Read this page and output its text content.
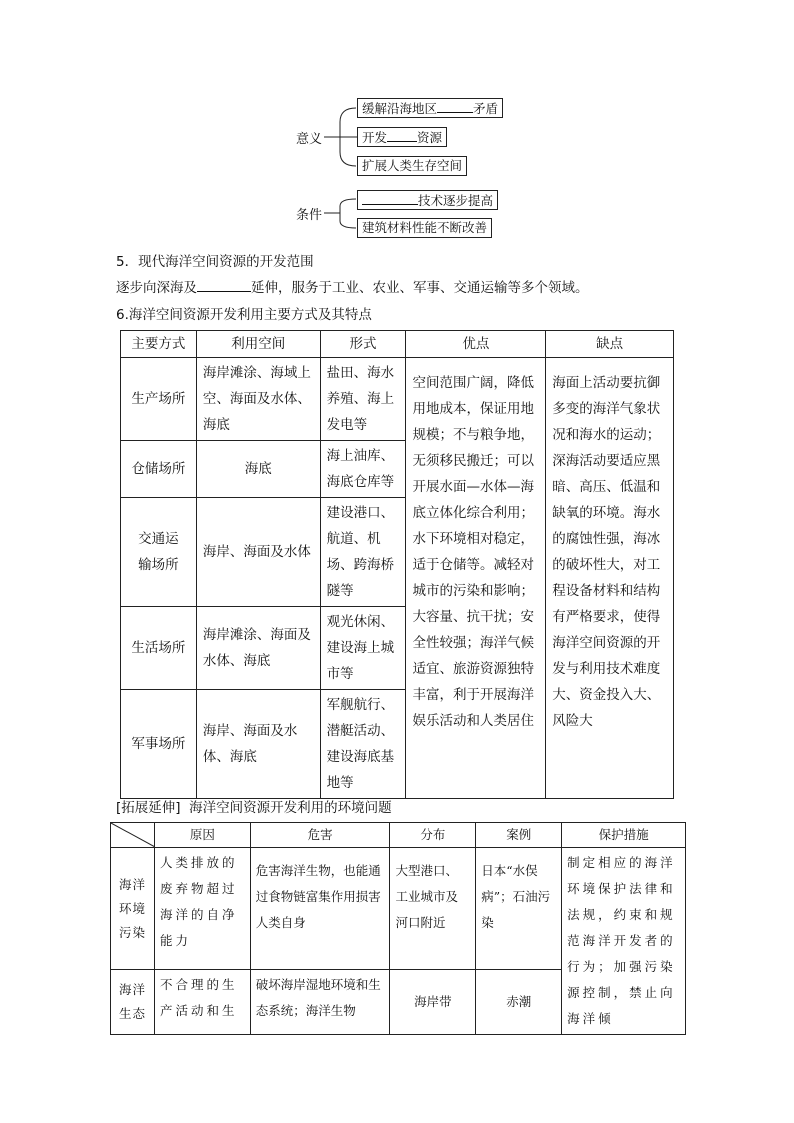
意义
缓解沿海地区	矛盾
开发 资源
扩展人类生存空间
条件
技术逐步提高
建筑材料性能不断改善
5．现代海洋空间资源的开发范围
逐步向深海及	延伸，服务于工业、农业、军事、交通运输等多个领域。
6.海洋空间资源开发利用主要方式及其特点
主要方式	利用空间	形式	优点	缺点
生产场所	海岸滩涂、海域上空、海面及水体、海底	盐田、海水养殖、海上发电等	空间范围广阔，降低用地成本，保证用地规模；不与粮争地，无须移民搬迁；可以开展水面—水体—海底立体化综合利用；水下环境相对稳定，适于仓储等。减轻对城市的污染和影响；大容量、抗干扰；安全性较强；海洋气候适宜、旅游资源独特丰富，利于开展海洋娱乐活动和人类居住	海面上活动要抗御多变的海洋气象状况和海水的运动；深海活动要适应黑暗、高压、低温和缺氧的环境。海水的腐蚀性强，海冰的破坏性大，对工程设备材料和结构有严格要求，使得海洋空间资源的开发与利用技术难度大、资金投入大、风险大
仓储场所	海底	海上油库、海底仓库等		

交通运
输场所	海岸、海面及水体	建设港口、航道、机场、跨海桥隧等		
生活场所	海岸滩涂、海面及水体、海底	观光休闲、建设海上城市等		
军事场所	海岸、海面及水体、海底	军舰航行、潜艇活动、建设海底基地等		
[拓展延伸] 海洋空间资源开发利用的环境问题
	原因	危害	分布	案例	保护措施

海洋
环境
污染	人类排放的废弃物超过海洋的自净能力	危害海洋生物，也能通过食物链富集作用损害人类自身	大型港口、工业城市及河口附近	日本“水俣病”；石油污染	制定相应的海洋环境保护法律和法规，约束和规范海洋开发者的行为；加强污染源控制，禁止向海洋倾

海洋
生态	不合理的生产活动和生	破坏海岸湿地环境和生态系统；海洋生物	海岸带	赤潮	
